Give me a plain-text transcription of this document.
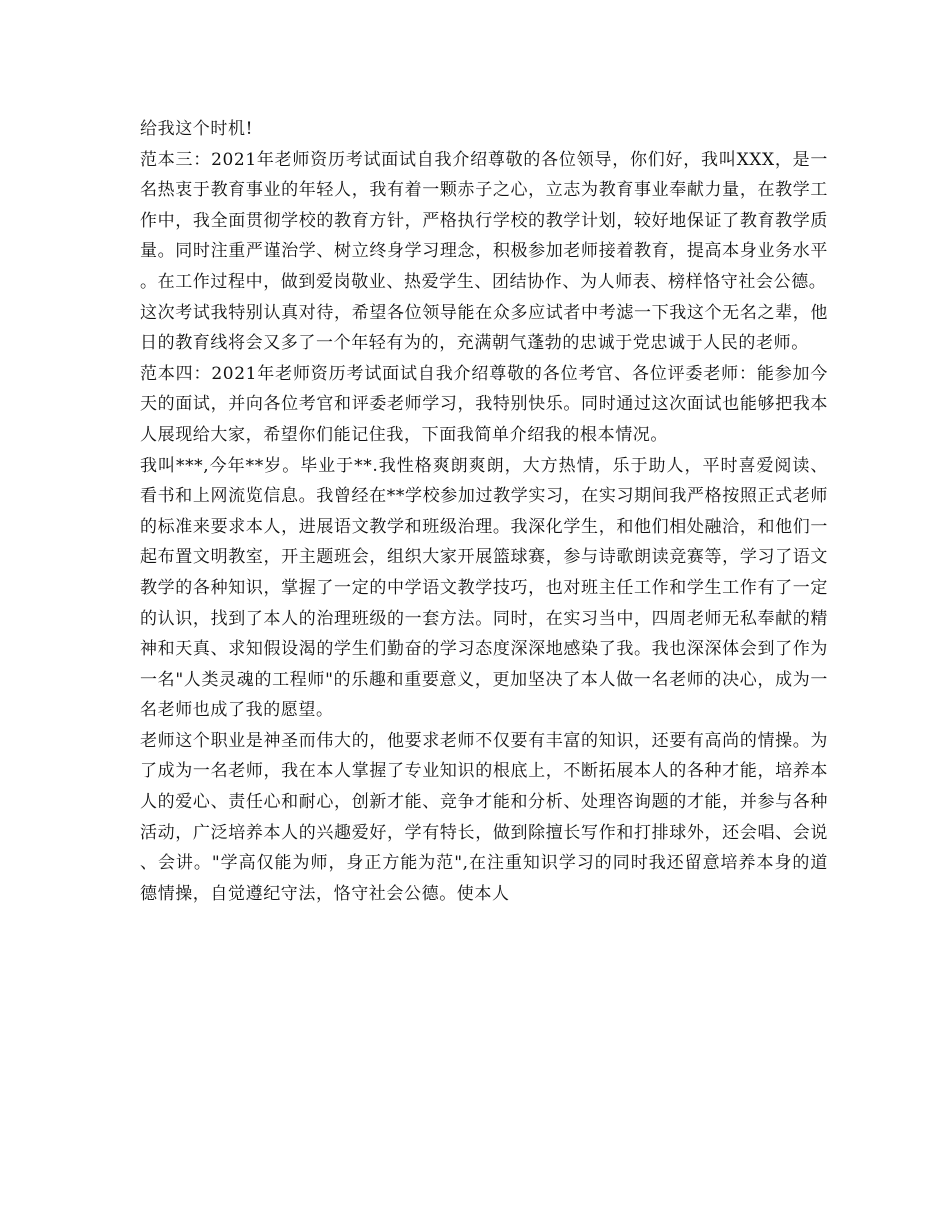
给我这个时机!

范本三：2021年老师资历考试面试自我介绍尊敬的各位领导，你们好，我叫XXX，是一名热衷于教育事业的年轻人，我有着一颗赤子之心，立志为教育事业奉献力量，在教学工作中，我全面贯彻学校的教育方针，严格执行学校的教学计划，较好地保证了教育教学质量。同时注重严谨治学、树立终身学习理念，积极参加老师接着教育，提高本身业务水平。在工作过程中，做到爱岗敬业、热爱学生、团结协作、为人师表、榜样恪守社会公德。

这次考试我特别认真对待，希望各位领导能在众多应试者中考滤一下我这个无名之辈，他日的教育线将会又多了一个年轻有为的，充满朝气蓬勃的忠诚于党忠诚于人民的老师。

范本四：2021年老师资历考试面试自我介绍尊敬的各位考官、各位评委老师：能参加今天的面试，并向各位考官和评委老师学习，我特别快乐。同时通过这次面试也能够把我本人展现给大家，希望你们能记住我，下面我简单介绍我的根本情况。

我叫***,今年**岁。毕业于**.我性格爽朗爽朗，大方热情，乐于助人，平时喜爱阅读、看书和上网流览信息。我曾经在**学校参加过教学实习，在实习期间我严格按照正式老师的标准来要求本人，进展语文教学和班级治理。我深化学生，和他们相处融洽，和他们一起布置文明教室，开主题班会，组织大家开展篮球赛，参与诗歌朗读竞赛等，学习了语文教学的各种知识，掌握了一定的中学语文教学技巧，也对班主任工作和学生工作有了一定的认识，找到了本人的治理班级的一套方法。同时，在实习当中，四周老师无私奉献的精神和天真、求知假设渴的学生们勤奋的学习态度深深地感染了我。我也深深体会到了作为一名"人类灵魂的工程师"的乐趣和重要意义，更加坚决了本人做一名老师的决心，成为一名老师也成了我的愿望。

老师这个职业是神圣而伟大的，他要求老师不仅要有丰富的知识，还要有高尚的情操。为了成为一名老师，我在本人掌握了专业知识的根底上，不断拓展本人的各种才能，培养本人的爱心、责任心和耐心，创新才能、竞争才能和分析、处理咨询题的才能，并参与各种活动，广泛培养本人的兴趣爱好，学有特长，做到除擅长写作和打排球外，还会唱、会说、会讲。"学高仅能为师，身正方能为范",在注重知识学习的同时我还留意培养本身的道德情操，自觉遵纪守法，恪守社会公德。使本人
